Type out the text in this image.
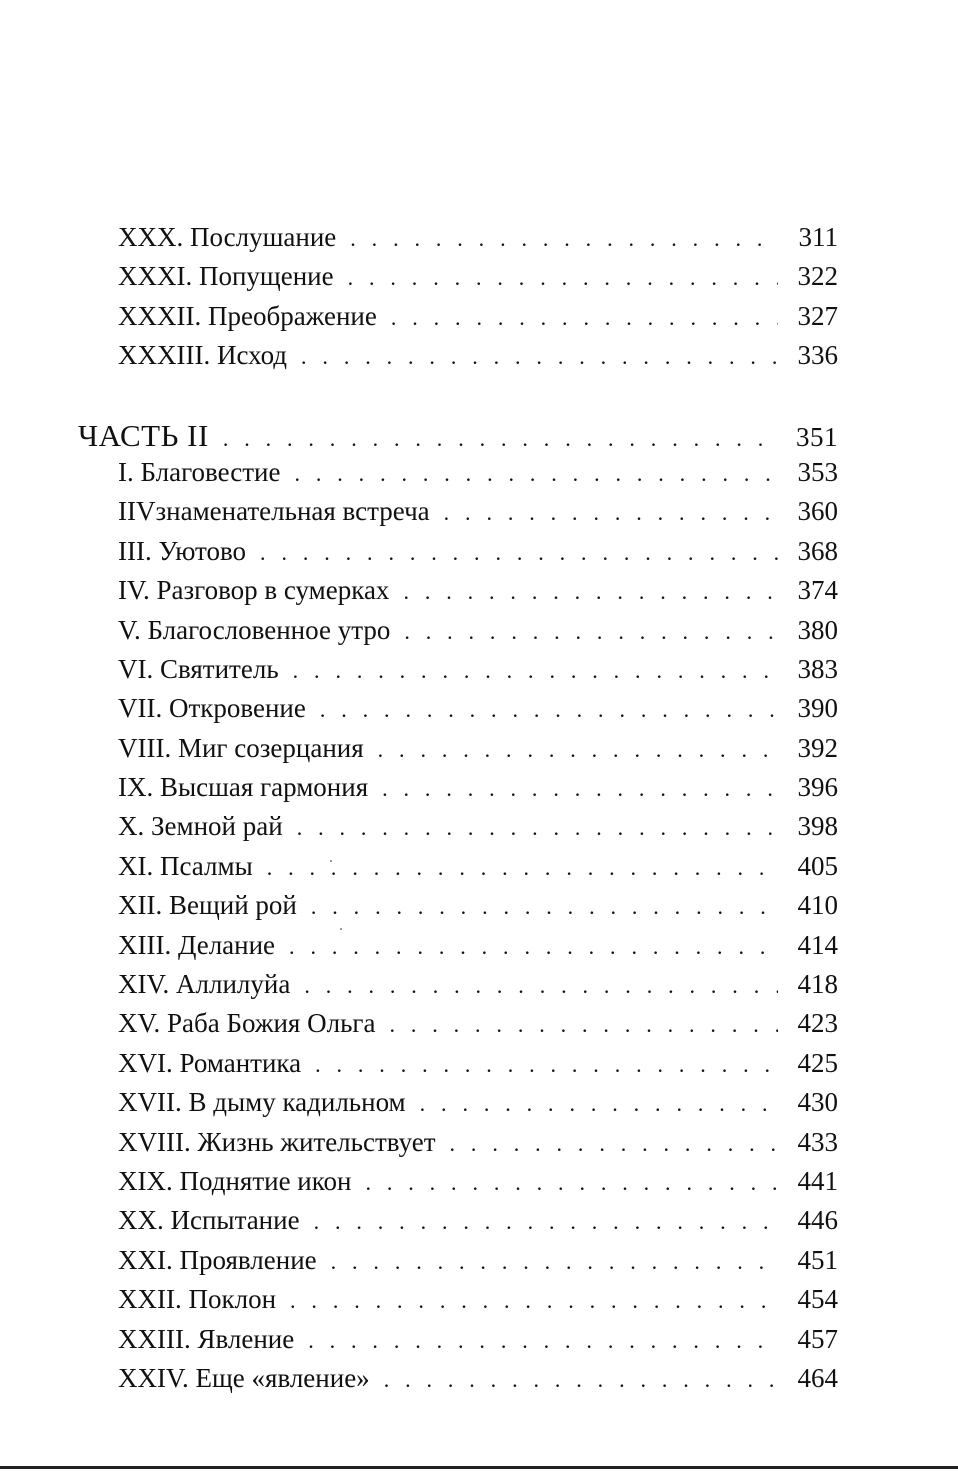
XXX. Послушание . . .	311
XXXI. Попущение . . .	322
XXXII. Преображение . . .	327
XXXIII. Исход . . .	336
ЧАСТЬ II . . .	351
I. Благовестие . . .	353
IIVзнаменательная встреча . . .	360
III. Уютово . . .	368
IV. Разговор в сумерках . . .	374
V. Благословенное утро . . .	380
VI. Святитель . . .	383
VII. Откровение . . .	390
VIII. Миг созерцания . . .	392
IX. Высшая гармония . . .	396
X. Земной рай . . .	398
XI. Псалмы . . .	405
XII. Вещий рой . . .	410
XIII. Делание . . .	414
XIV. Аллилуйа . . .	418
XV. Раба Божия Ольга . . .	423
XVI. Романтика . . .	425
XVII. В дыму кадильном . . .	430
XVIII. Жизнь жительствует . . .	433
XIX. Поднятие икон . . .	441
XX. Испытание . . .	446
XXI. Проявление . . .	451
XXII. Поклон . . .	454
XXIII. Явление . . .	457
XXIV. Еще «явление» . . .	464
